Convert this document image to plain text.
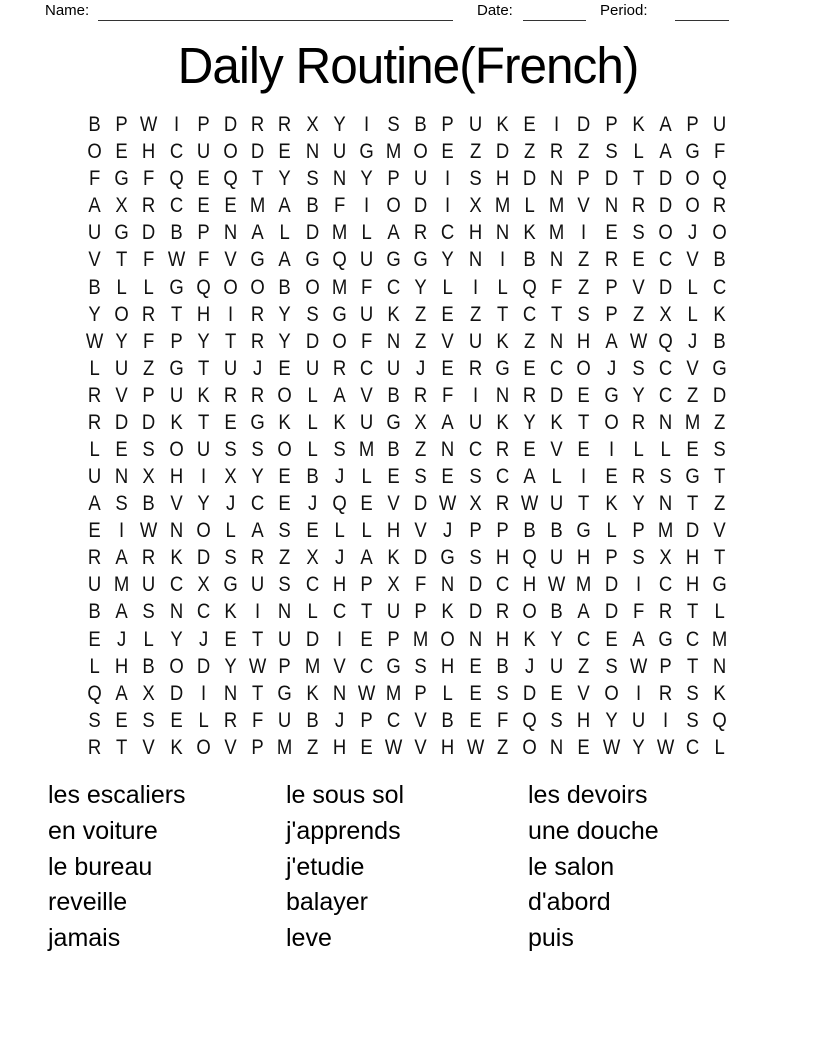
Name:	Date:	Period:
Daily Routine(French)
B P W I P D R R X Y I S B P U K E I D P K A P U
O E H C U O D E N U G M O E Z D Z R Z S L A G F
F G F Q E Q T Y S N Y P U I S H D N P D T D O Q
A X R C E E M A B F I O D I X M L M V N R D O R
U G D B P N A L D M L A R C H N K M I E S O J O
V T F W F V G A G Q U G G Y N I B N Z R E C V B
B L L G Q O O B O M F C Y L I L Q F Z P V D L C
Y O R T H I R Y S G U K Z E Z T C T S P Z X L K
W Y F P Y T R Y D O F N Z V U K Z N H A W Q J B
L U Z G T U J E U R C U J E R G E C O J S C V G
R V P U K R R O L A V B R F I N R D E G Y C Z D
R D D K T E G K L K U G X A U K Y K T O R N M Z
L E S O U S S O L S M B Z N C R E V E I L L E S
U N X H I X Y E B J L E S E S C A L I E R S G T
A S B V Y J C E J Q E V D W X R W U T K Y N T Z
E I W N O L A S E L L H V J P P B B G L P M D V
R A R K D S R Z X J A K D G S H Q U H P S X H T
U M U C X G U S C H P X F N D C H W M D I C H G
B A S N C K I N L C T U P K D R O B A D F R T L
E J L Y J E T U D I E P M O N H K Y C E A G C M
L H B O D Y W P M V C G S H E B J U Z S W P T N
Q A X D I N T G K N W M P L E S D E V O I R S K
S E S E L R F U B J P C V B E F Q S H Y U I S Q
R T V K O V P M Z H E W V H W Z O N E W Y W C L
les escaliers
en voiture
le bureau
reveille
jamais
le sous sol
j'apprends
j'etudie
balayer
leve
les devoirs
une douche
le salon
d'abord
puis
